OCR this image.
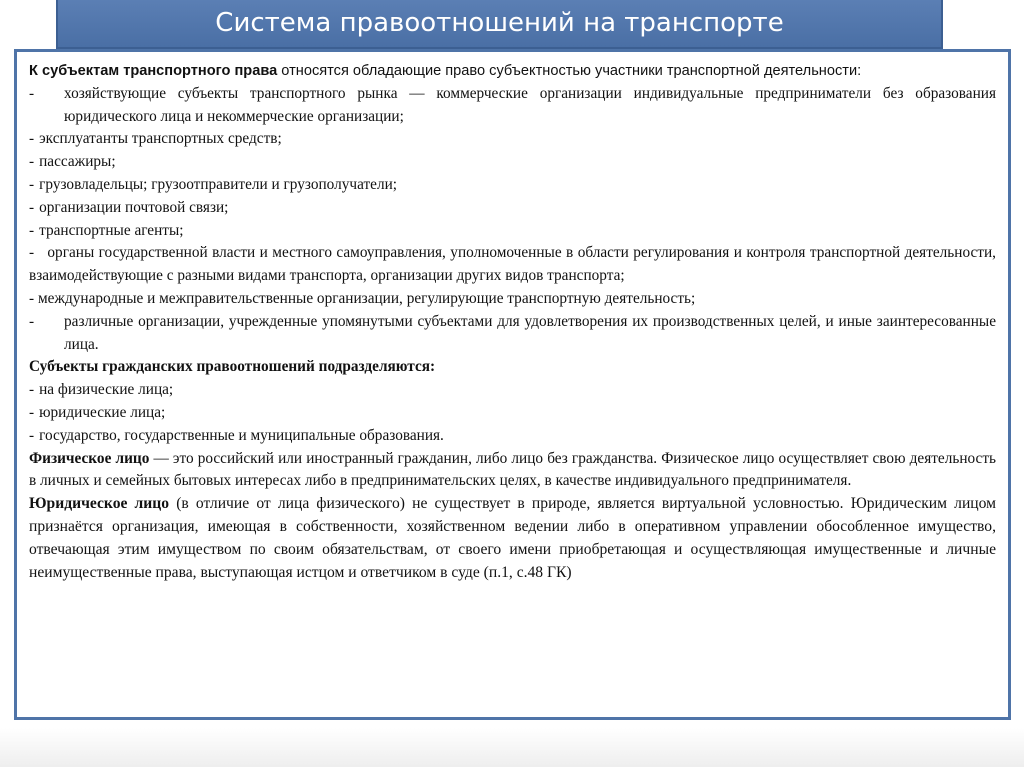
Система правоотношений на транспорте

К субъектам транспортного права относятся обладающие право субъектностью участники транспортной деятельности:

-	хозяйствующие субъекты транспортного рынка — коммерческие организации индивидуальные предприниматели без образования юридического лица и некоммерческие организации;
- эксплуатанты транспортных средств;
- пассажиры;
- грузовладельцы; грузоотправители и грузополучатели;
- организации почтовой связи;
- транспортные агенты;

- органы государственной власти и местного самоуправления, уполномоченные в области регулирования и контроля транспортной деятельности, взаимодействующие с разными видами транспорта, организации других видов транспорта;

- международные и межправительственные организации, регулирующие транспортную деятельность;

-	различные организации, учрежденные упомянутыми субъектами для удовлетворения их производственных целей, и иные заинтересованные лица.

Субъекты гражданских правоотношений подразделяются:

- на физические лица;
- юридические лица;
- государство, государственные и муниципальные образования.

Физическое лицо — это российский или иностранный гражданин, либо лицо без гражданства. Физическое лицо осуществляет свою деятельность в личных и семейных бытовых интересах либо в предпринимательских целях, в качестве индивидуального предпринимателя.

Юридическое лицо (в отличие от лица физического) не существует в природе, является виртуальной условностью. Юридическим лицом признаётся организация, имеющая в собственности, хозяйственном ведении либо в оперативном управлении обособленное имущество, отвечающая этим имуществом по своим обязательствам, от своего имени приобретающая и осуществляющая имущественные и личные неимущественные права, выступающая истцом и ответчиком в суде (п.1, с.48 ГК)
